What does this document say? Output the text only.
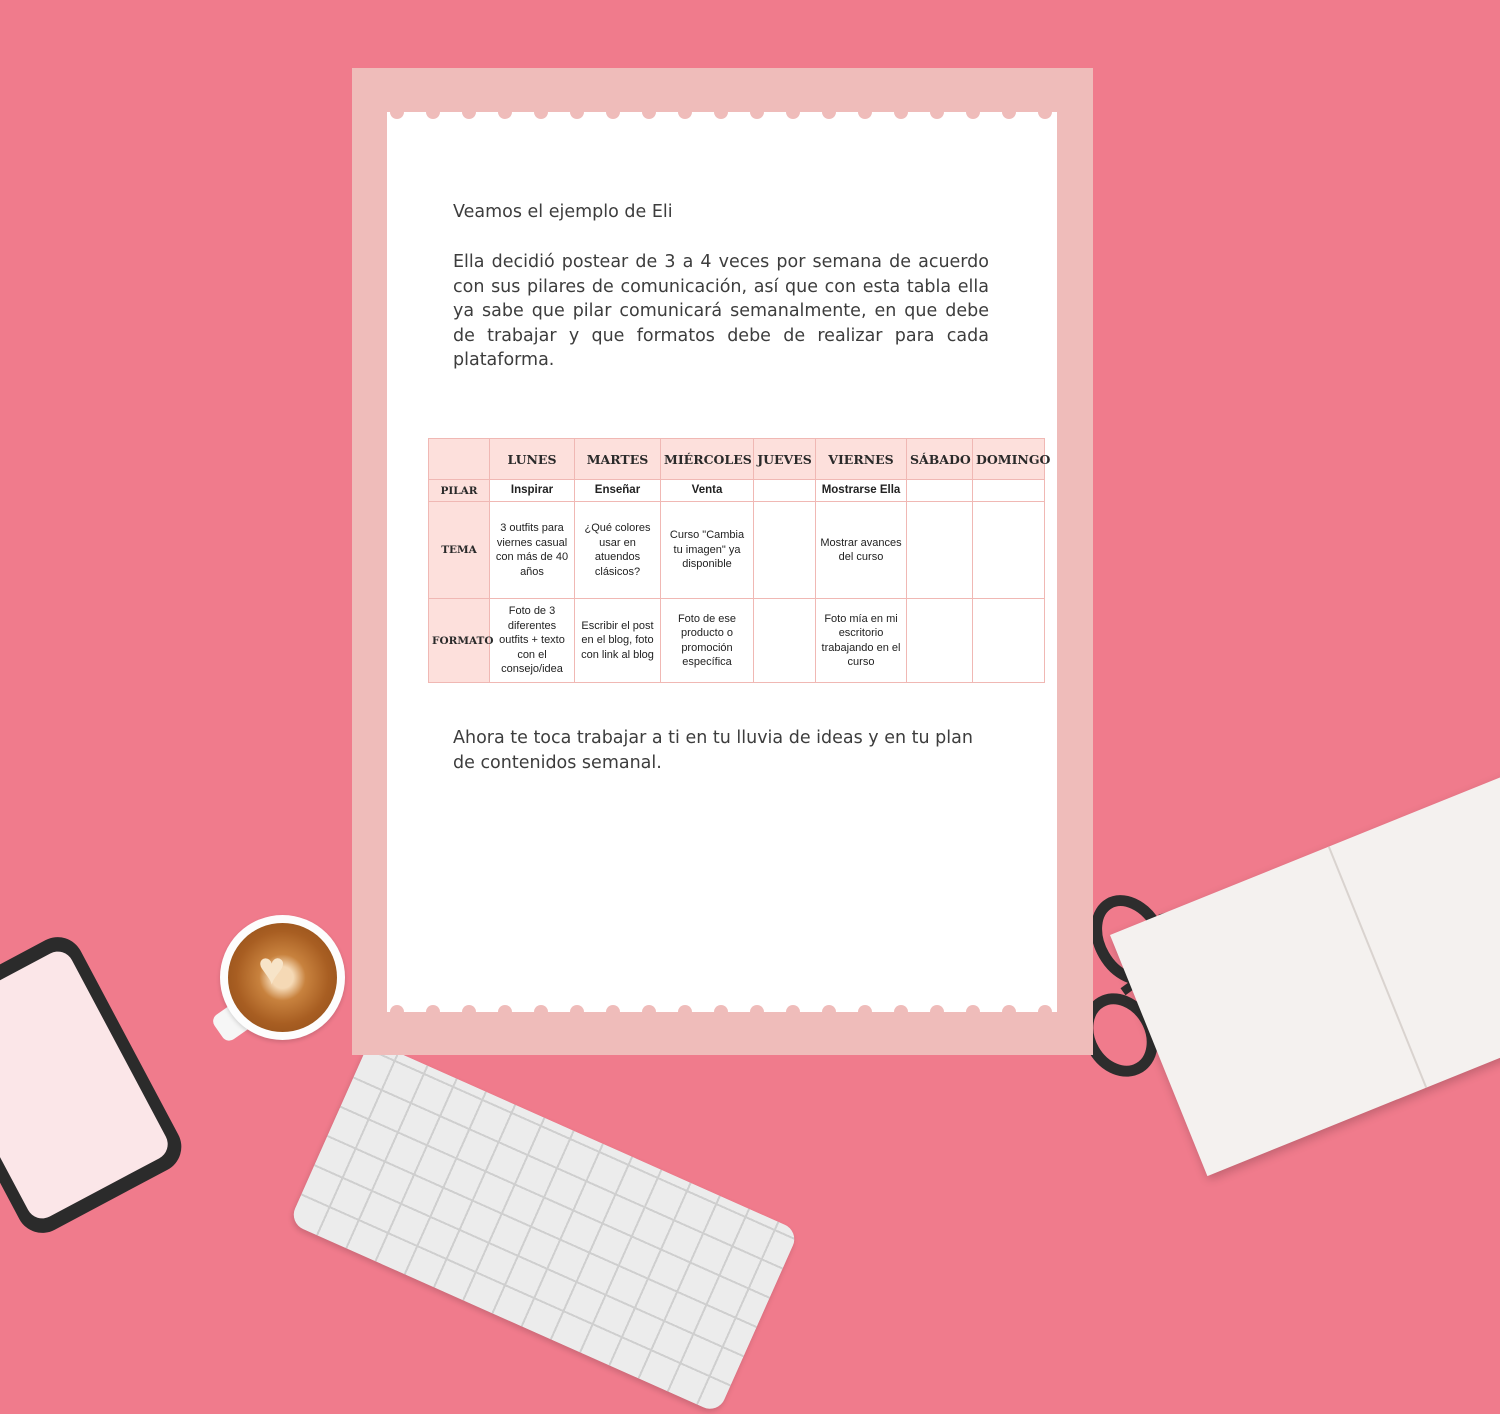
♥
Veamos el ejemplo de Eli
Ella decidió postear de 3 a 4 veces por semana de acuerdo con sus pilares de comunicación, así que con esta tabla ella ya sabe que pilar comunicará semanalmente, en que debe de trabajar y que formatos debe de realizar para cada plataforma.
	LUNES	MARTES	MIÉRCOLES	JUEVES	VIERNES	SÁBADO	DOMINGO
PILAR	Inspirar	Enseñar	Venta		Mostrarse Ella		
TEMA	3 outfits para viernes casual con más de 40 años	¿Qué colores usar en atuendos clásicos?	Curso "Cambia tu imagen" ya disponible		Mostrar avances del curso		
FORMATO	Foto de 3 diferentes outfits + texto con el consejo/idea	Escribir el post en el blog, foto con link al blog	Foto de ese producto o promoción específica		Foto mía en mi escritorio trabajando en el curso		
Ahora te toca trabajar a ti en tu lluvia de ideas y en tu plan de contenidos semanal.
